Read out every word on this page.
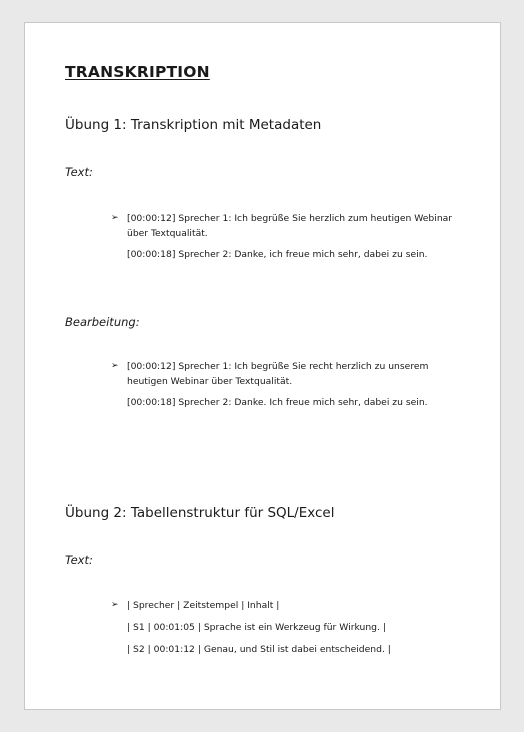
TRANSKRIPTION
Übung 1: Transkription mit Metadaten

Text:

➢ [00:00:12] Sprecher 1: Ich begrüße Sie herzlich zum heutigen Webinar über Textqualität.

[00:00:18] Sprecher 2: Danke, ich freue mich sehr, dabei zu sein.

Bearbeitung:

➢ [00:00:12] Sprecher 1: Ich begrüße Sie recht herzlich zu unserem heutigen Webinar über Textqualität.

[00:00:18] Sprecher 2: Danke. Ich freue mich sehr, dabei zu sein.

Übung 2: Tabellenstruktur für SQL/Excel

Text:

➢ | Sprecher | Zeitstempel | Inhalt |

| S1 | 00:01:05 | Sprache ist ein Werkzeug für Wirkung. |

| S2 | 00:01:12 | Genau, und Stil ist dabei entscheidend. |
